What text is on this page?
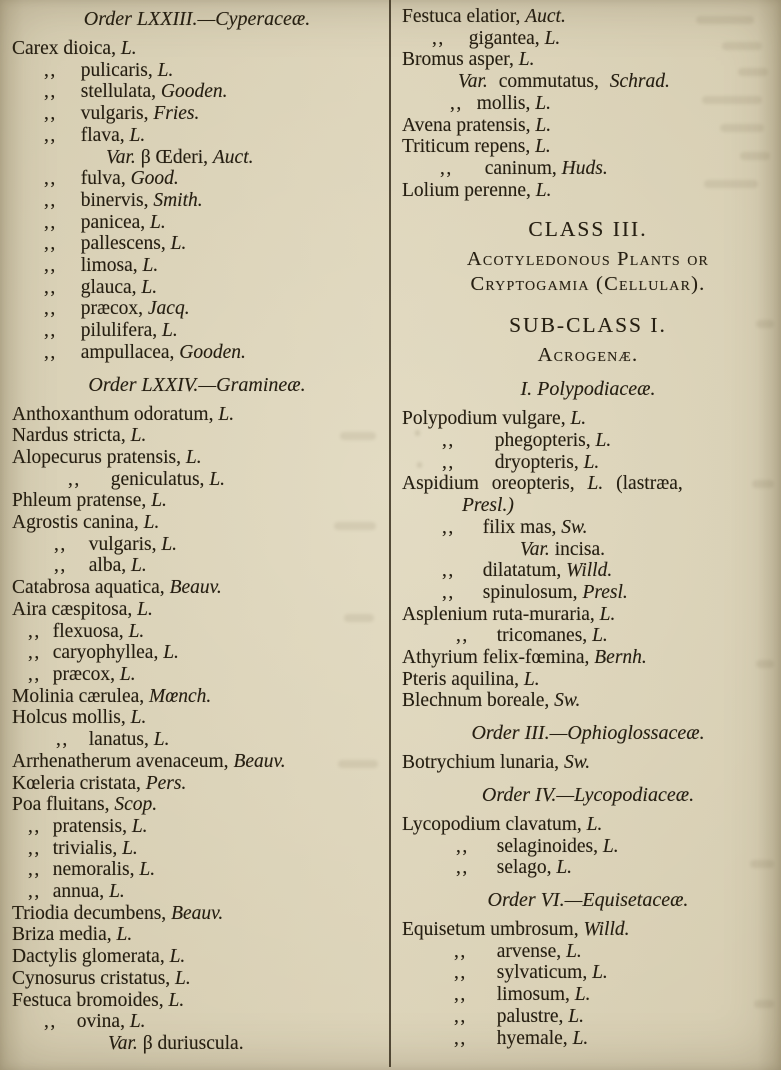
Order LXXIII.—Cyperaceæ.
Carex dioica, L.
,, pulicaris, L.
,, stellulata, Gooden.
,, vulgaris, Fries.
,, flava, L.
Var. β Œderi, Auct.
,, fulva, Good.
,, binervis, Smith.
,, panicea, L.
,, pallescens, L.
,, limosa, L.
,, glauca, L.
,, præcox, Jacq.
,, pilulifera, L.
,, ampullacea, Gooden.
Order LXXIV.—Gramineæ.
Anthoxanthum odoratum, L.
Nardus stricta, L.
Alopecurus pratensis, L.
,, geniculatus, L.
Phleum pratense, L.
Agrostis canina, L.
,, vulgaris, L.
,, alba, L.
Catabrosa aquatica, Beauv.
Aira cæspitosa, L.
,, flexuosa, L.
,, caryophyllea, L.
,, præcox, L.
Molinia cærulea, Mœnch.
Holcus mollis, L.
,, lanatus, L.
Arrhenatherum avenaceum, Beauv.
Kœleria cristata, Pers.
Poa fluitans, Scop.
,, pratensis, L.
,, trivialis, L.
,, nemoralis, L.
,, annua, L.
Triodia decumbens, Beauv.
Briza media, L.
Dactylis glomerata, L.
Cynosurus cristatus, L.
Festuca bromoides, L.
,, ovina, L.
Var. β duriuscula.
Festuca elatior, Auct.
,, gigantea, L.
Bromus asper, L.
Var. commutatus, Schrad.
,, mollis, L.
Avena pratensis, L.
Triticum repens, L.
,, caninum, Huds.
Lolium perenne, L.
CLASS III.
Acotyledonous Plants or
Cryptogamia (Cellular).
SUB-CLASS I.
Acrogenæ.
I. Polypodiaceæ.
Polypodium vulgare, L.
,, phegopteris, L.
,, dryopteris, L.
Aspidium oreopteris, L. (lastræa,
Presl.)
,, filix mas, Sw.
Var. incisa.
,, dilatatum, Willd.
,, spinulosum, Presl.
Asplenium ruta-muraria, L.
,, tricomanes, L.
Athyrium felix-fœmina, Bernh.
Pteris aquilina, L.
Blechnum boreale, Sw.
Order III.—Ophioglossaceæ.
Botrychium lunaria, Sw.
Order IV.—Lycopodiaceæ.
Lycopodium clavatum, L.
,, selaginoides, L.
,, selago, L.
Order VI.—Equisetaceæ.
Equisetum umbrosum, Willd.
,, arvense, L.
,, sylvaticum, L.
,, limosum, L.
,, palustre, L.
,, hyemale, L.
